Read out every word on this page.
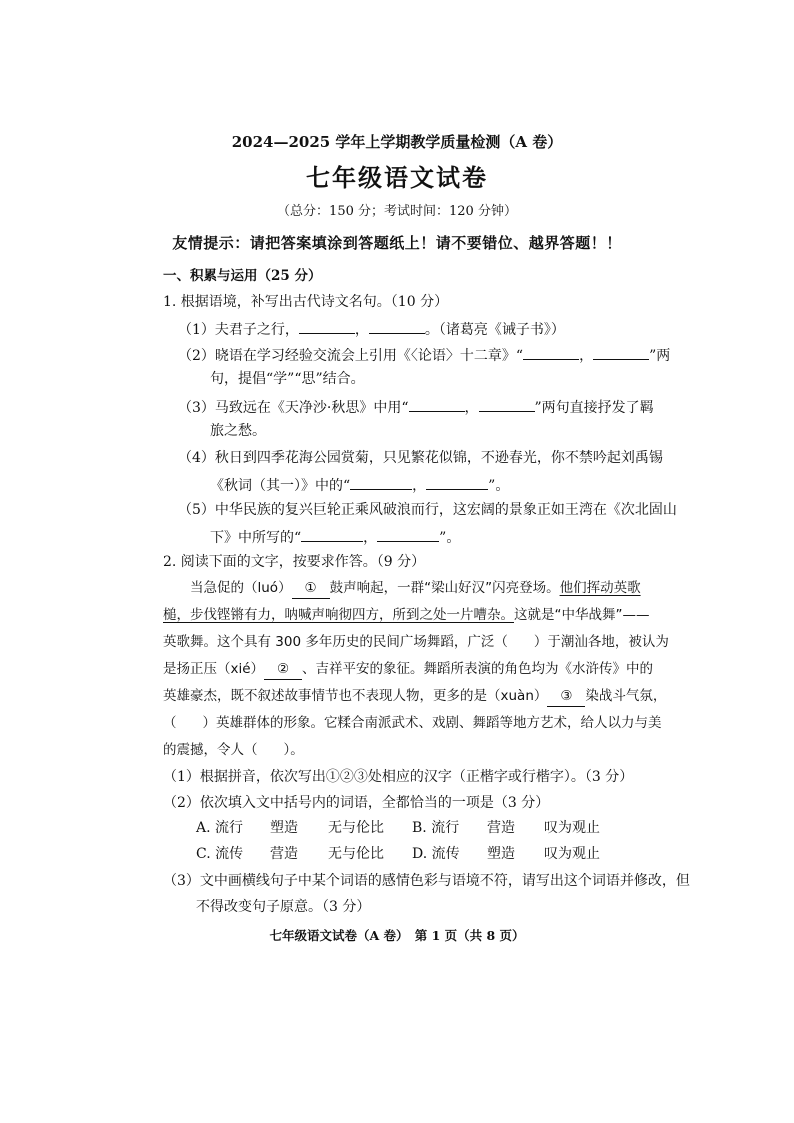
2024—2025 学年上学期教学质量检测（A 卷）
七年级语文试卷
（总分：150 分；考试时间：120 分钟）
友情提示：请把答案填涂到答题纸上！请不要错位、越界答题！！
一、积累与运用（25 分）
1. 根据语境，补写出古代诗文名句。（10 分）
（1）夫君子之行，	，	。（诸葛亮《诫子书》）
（2）晓语在学习经验交流会上引用《〈论语〉十二章》“	，	”两
句，提倡“学”“思”结合。
（3）马致远在《天净沙·秋思》中用“	，	”两句直接抒发了羁
旅之愁。
（4）秋日到四季花海公园赏菊，只见繁花似锦，不逊春光，你不禁吟起刘禹锡
《秋词（其一）》中的“	，	”。
（5）中华民族的复兴巨轮正乘风破浪而行，这宏阔的景象正如王湾在《次北固山
下》中所写的“	，	”。
2. 阅读下面的文字，按要求作答。（9 分）
当急促的（luó） ① 鼓声响起，一群“梁山好汉”闪亮登场。他们挥动英歌
槌，步伐铿锵有力，呐喊声响彻四方，所到之处一片嘈杂。这就是“中华战舞”——
英歌舞。这个具有 300 多年历史的民间广场舞蹈，广泛（ ）于潮汕各地，被认为
是扬正压（xié） ② 、吉祥平安的象征。舞蹈所表演的角色均为《水浒传》中的
英雄豪杰，既不叙述故事情节也不表现人物，更多的是（xuàn） ③ 染战斗气氛，
（ ）英雄群体的形象。它糅合南派武术、戏剧、舞蹈等地方艺术，给人以力与美
的震撼，令人（ ）。
（1）根据拼音，依次写出①②③处相应的汉字（正楷字或行楷字）。（3 分）
（2）依次填入文中括号内的词语，全都恰当的一项是（3 分）
A. 流行 塑造 无与伦比 B. 流行 营造 叹为观止
C. 流传 营造 无与伦比 D. 流传 塑造 叹为观止
（3）文中画横线句子中某个词语的感情色彩与语境不符，请写出这个词语并修改，但
不得改变句子原意。（3 分）
七年级语文试卷（A 卷）　第 1 页（共 8 页）
